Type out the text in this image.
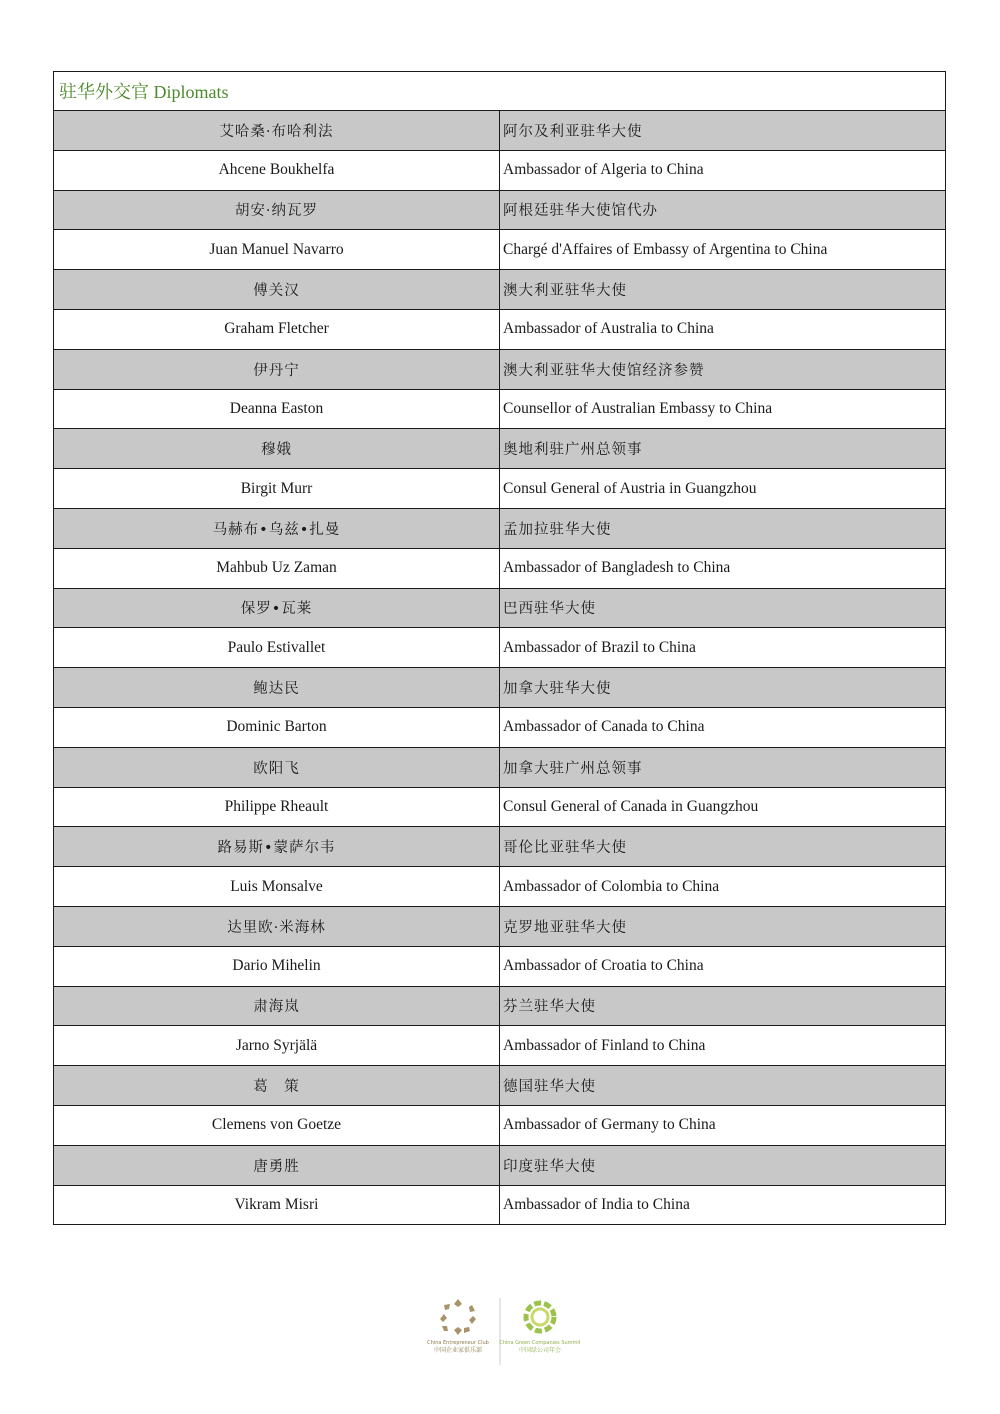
驻华外交官 Diplomats	
艾哈桑·布哈利法	阿尔及利亚驻华大使
Ahcene Boukhelfa	Ambassador of Algeria to China
胡安·纳瓦罗	阿根廷驻华大使馆代办
Juan Manuel Navarro	Chargé d'Affaires of Embassy of Argentina to China
傅关汉	澳大利亚驻华大使
Graham Fletcher	Ambassador of Australia to China
伊丹宁	澳大利亚驻华大使馆经济参赞
Deanna Easton	Counsellor of Australian Embassy to China
穆娥	奥地利驻广州总领事
Birgit Murr	Consul General of Austria in Guangzhou
马赫布•乌兹•扎曼	孟加拉驻华大使
Mahbub Uz Zaman	Ambassador of Bangladesh to China
保罗•瓦莱	巴西驻华大使
Paulo Estivallet	Ambassador of Brazil to China
鲍达民	加拿大驻华大使
Dominic Barton	Ambassador of Canada to China
欧阳飞	加拿大驻广州总领事
Philippe Rheault	Consul General of Canada in Guangzhou
路易斯•蒙萨尔韦	哥伦比亚驻华大使
Luis Monsalve	Ambassador of Colombia to China
达里欧·米海林	克罗地亚驻华大使
Dario Mihelin	Ambassador of Croatia to China
肃海岚	芬兰驻华大使
Jarno Syrjälä	Ambassador of Finland to China
葛　策	德国驻华大使
Clemens von Goetze	Ambassador of Germany to China
唐勇胜	印度驻华大使
Vikram Misri	Ambassador of India to China
China Entrepreneur Club
中国企业家俱乐部
China Green Companies Summit
中国绿公司年会
